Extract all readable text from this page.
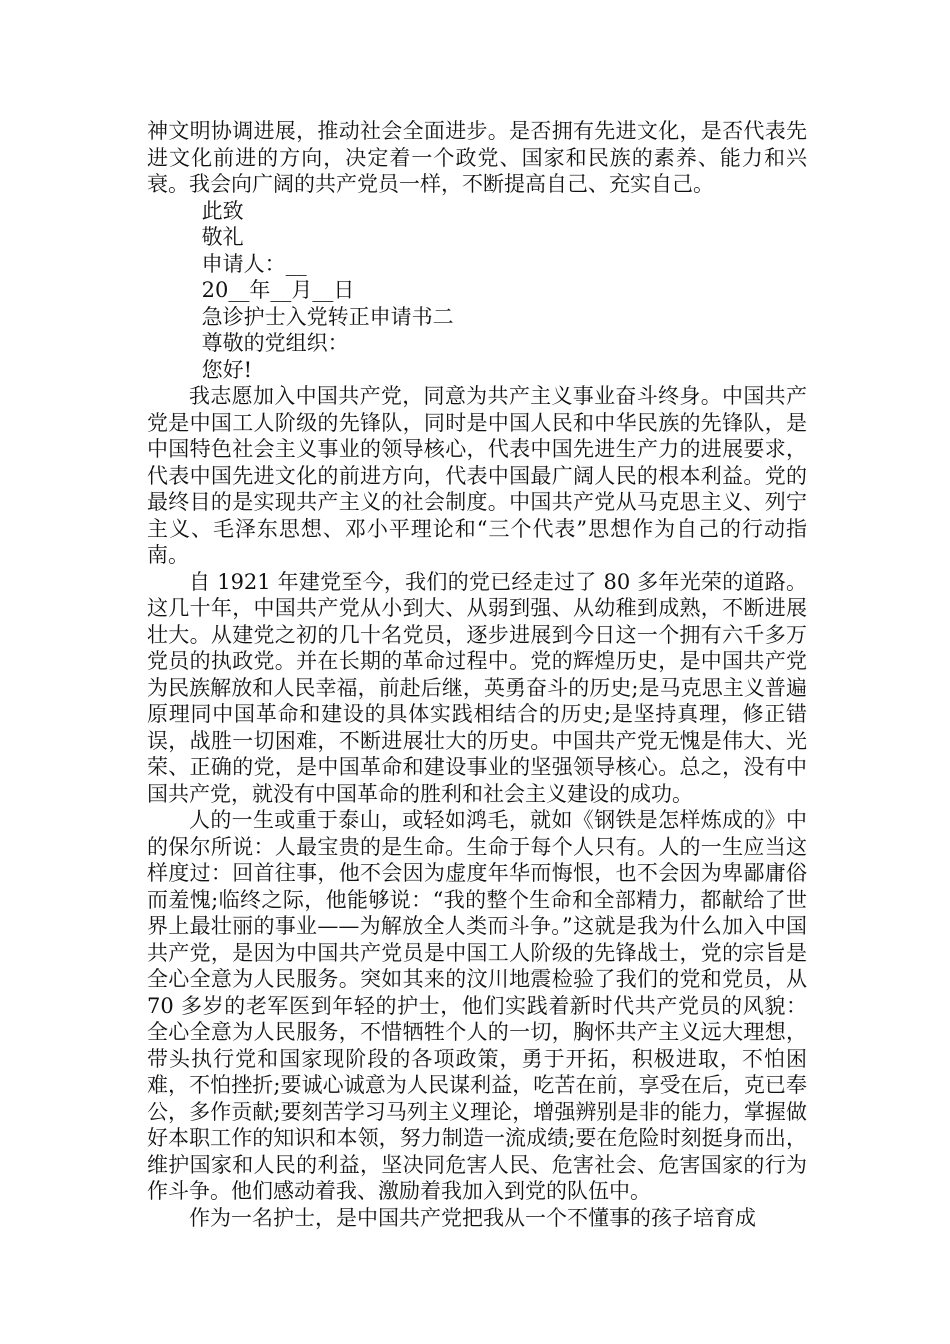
神文明协调进展，推动社会全面进步。是否拥有先进文化，是否代表先进文化前进的方向，决定着一个政党、国家和民族的素养、能力和兴衰。我会向广阔的共产党员一样，不断提高自己、充实自己。

此致

敬礼

申请人：__

20__年__月__日

急诊护士入党转正申请书二

尊敬的党组织：

您好!

我志愿加入中国共产党，同意为共产主义事业奋斗终身。中国共产党是中国工人阶级的先锋队，同时是中国人民和中华民族的先锋队，是中国特色社会主义事业的领导核心，代表中国先进生产力的进展要求，代表中国先进文化的前进方向，代表中国最广阔人民的根本利益。党的最终目的是实现共产主义的社会制度。中国共产党从马克思主义、列宁主义、毛泽东思想、邓小平理论和“三个代表”思想作为自己的行动指南。

自 1921 年建党至今，我们的党已经走过了 80 多年光荣的道路。这几十年，中国共产党从小到大、从弱到强、从幼稚到成熟，不断进展壮大。从建党之初的几十名党员，逐步进展到今日这一个拥有六千多万党员的执政党。并在长期的革命过程中。党的辉煌历史，是中国共产党为民族解放和人民幸福，前赴后继，英勇奋斗的历史;是马克思主义普遍原理同中国革命和建设的具体实践相结合的历史;是坚持真理，修正错误，战胜一切困难，不断进展壮大的历史。中国共产党无愧是伟大、光荣、正确的党，是中国革命和建设事业的坚强领导核心。总之，没有中国共产党，就没有中国革命的胜利和社会主义建设的成功。

人的一生或重于泰山，或轻如鸿毛，就如《钢铁是怎样炼成的》中的保尔所说：人最宝贵的是生命。生命于每个人只有。人的一生应当这样度过：回首往事，他不会因为虚度年华而悔恨，也不会因为卑鄙庸俗而羞愧;临终之际，他能够说：“我的整个生命和全部精力，都献给了世界上最壮丽的事业——为解放全人类而斗争。”这就是我为什么加入中国共产党，是因为中国共产党员是中国工人阶级的先锋战士，党的宗旨是全心全意为人民服务。突如其来的汶川地震检验了我们的党和党员，从 70 多岁的老军医到年轻的护士，他们实践着新时代共产党员的风貌：全心全意为人民服务，不惜牺牲个人的一切，胸怀共产主义远大理想，带头执行党和国家现阶段的各项政策，勇于开拓，积极进取，不怕困难，不怕挫折;要诚心诚意为人民谋利益，吃苦在前，享受在后，克已奉公，多作贡献;要刻苦学习马列主义理论，增强辨别是非的能力，掌握做好本职工作的知识和本领，努力制造一流成绩;要在危险时刻挺身而出，维护国家和人民的利益，坚决同危害人民、危害社会、危害国家的行为作斗争。他们感动着我、激励着我加入到党的队伍中。

作为一名护士，是中国共产党把我从一个不懂事的孩子培育成
